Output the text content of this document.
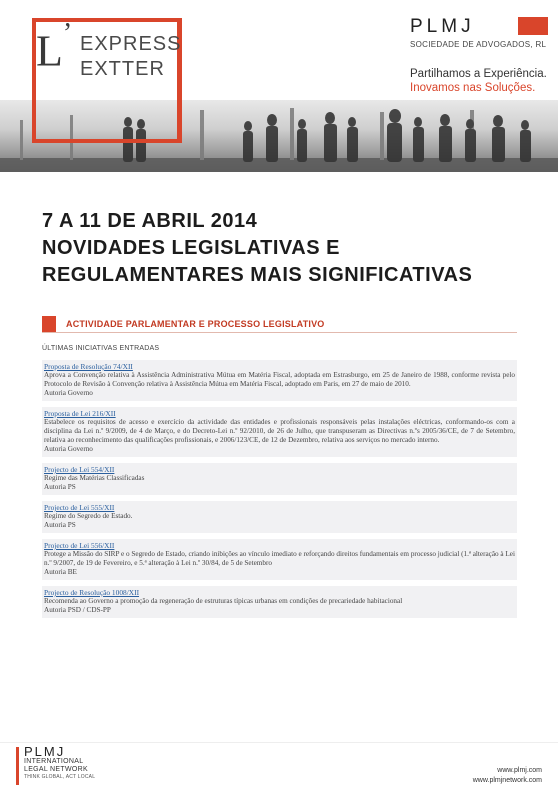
L’ EXPRESS
EXTTER
PLMJ
SOCIEDADE DE ADVOGADOS, RL
Partilhamos a Experiência.
Inovamos nas Soluções.
7 A 11 DE ABRIL 2014
NOVIDADES LEGISLATIVAS E
REGULAMENTARES MAIS SIGNIFICATIVAS
ACTIVIDADE PARLAMENTAR E PROCESSO LEGISLATIVO
ÚLTIMAS INICIATIVAS ENTRADAS
Proposta de Resolução 74/XII
Aprova a Convenção relativa à Assistência Administrativa Mútua em Matéria Fiscal, adoptada em Estrasburgo, em 25 de Janeiro de 1988, conforme revista pelo Protocolo de Revisão à Convenção relativa à Assistência Mútua em Matéria Fiscal, adoptado em Paris, em 27 de maio de 2010.
Autoria Governo
Proposta de Lei 216/XII
Estabelece os requisitos de acesso e exercício da actividade das entidades e profissionais responsáveis pelas instalações eléctricas, conformando-os com a disciplina da Lei n.º 9/2009, de 4 de Março, e do Decreto-Lei n.º 92/2010, de 26 de Julho, que transpuseram as Directivas n.ºs 2005/36/CE, de 7 de Setembro, relativa ao reconhecimento das qualificações profissionais, e 2006/123/CE, de 12 de Dezembro, relativa aos serviços no mercado interno.
Autoria Governo
Projecto de Lei 554/XII
Regime das Matérias Classificadas
Autoria PS
Projecto de Lei 555/XII
Regime do Segredo de Estado.
Autoria PS
Projecto de Lei 556/XII
Protege a Missão do SIRP e o Segredo de Estado, criando inibições ao vínculo imediato e reforçando direitos fundamentais em processo judicial (1.ª alteração à Lei n.º 9/2007, de 19 de Fevereiro, e 5.ª alteração à Lei n.º 30/84, de 5 de Setembro
Autoria BE
Projecto de Resolução 1008/XII
Recomenda ao Governo a promoção da regeneração de estruturas típicas urbanas em condições de precariedade habitacional
Autoria PSD / CDS-PP
PLMJ
INTERNATIONAL
LEGAL NETWORK
THINK GLOBAL, ACT LOCAL
www.plmj.com
www.plmjnetwork.com
